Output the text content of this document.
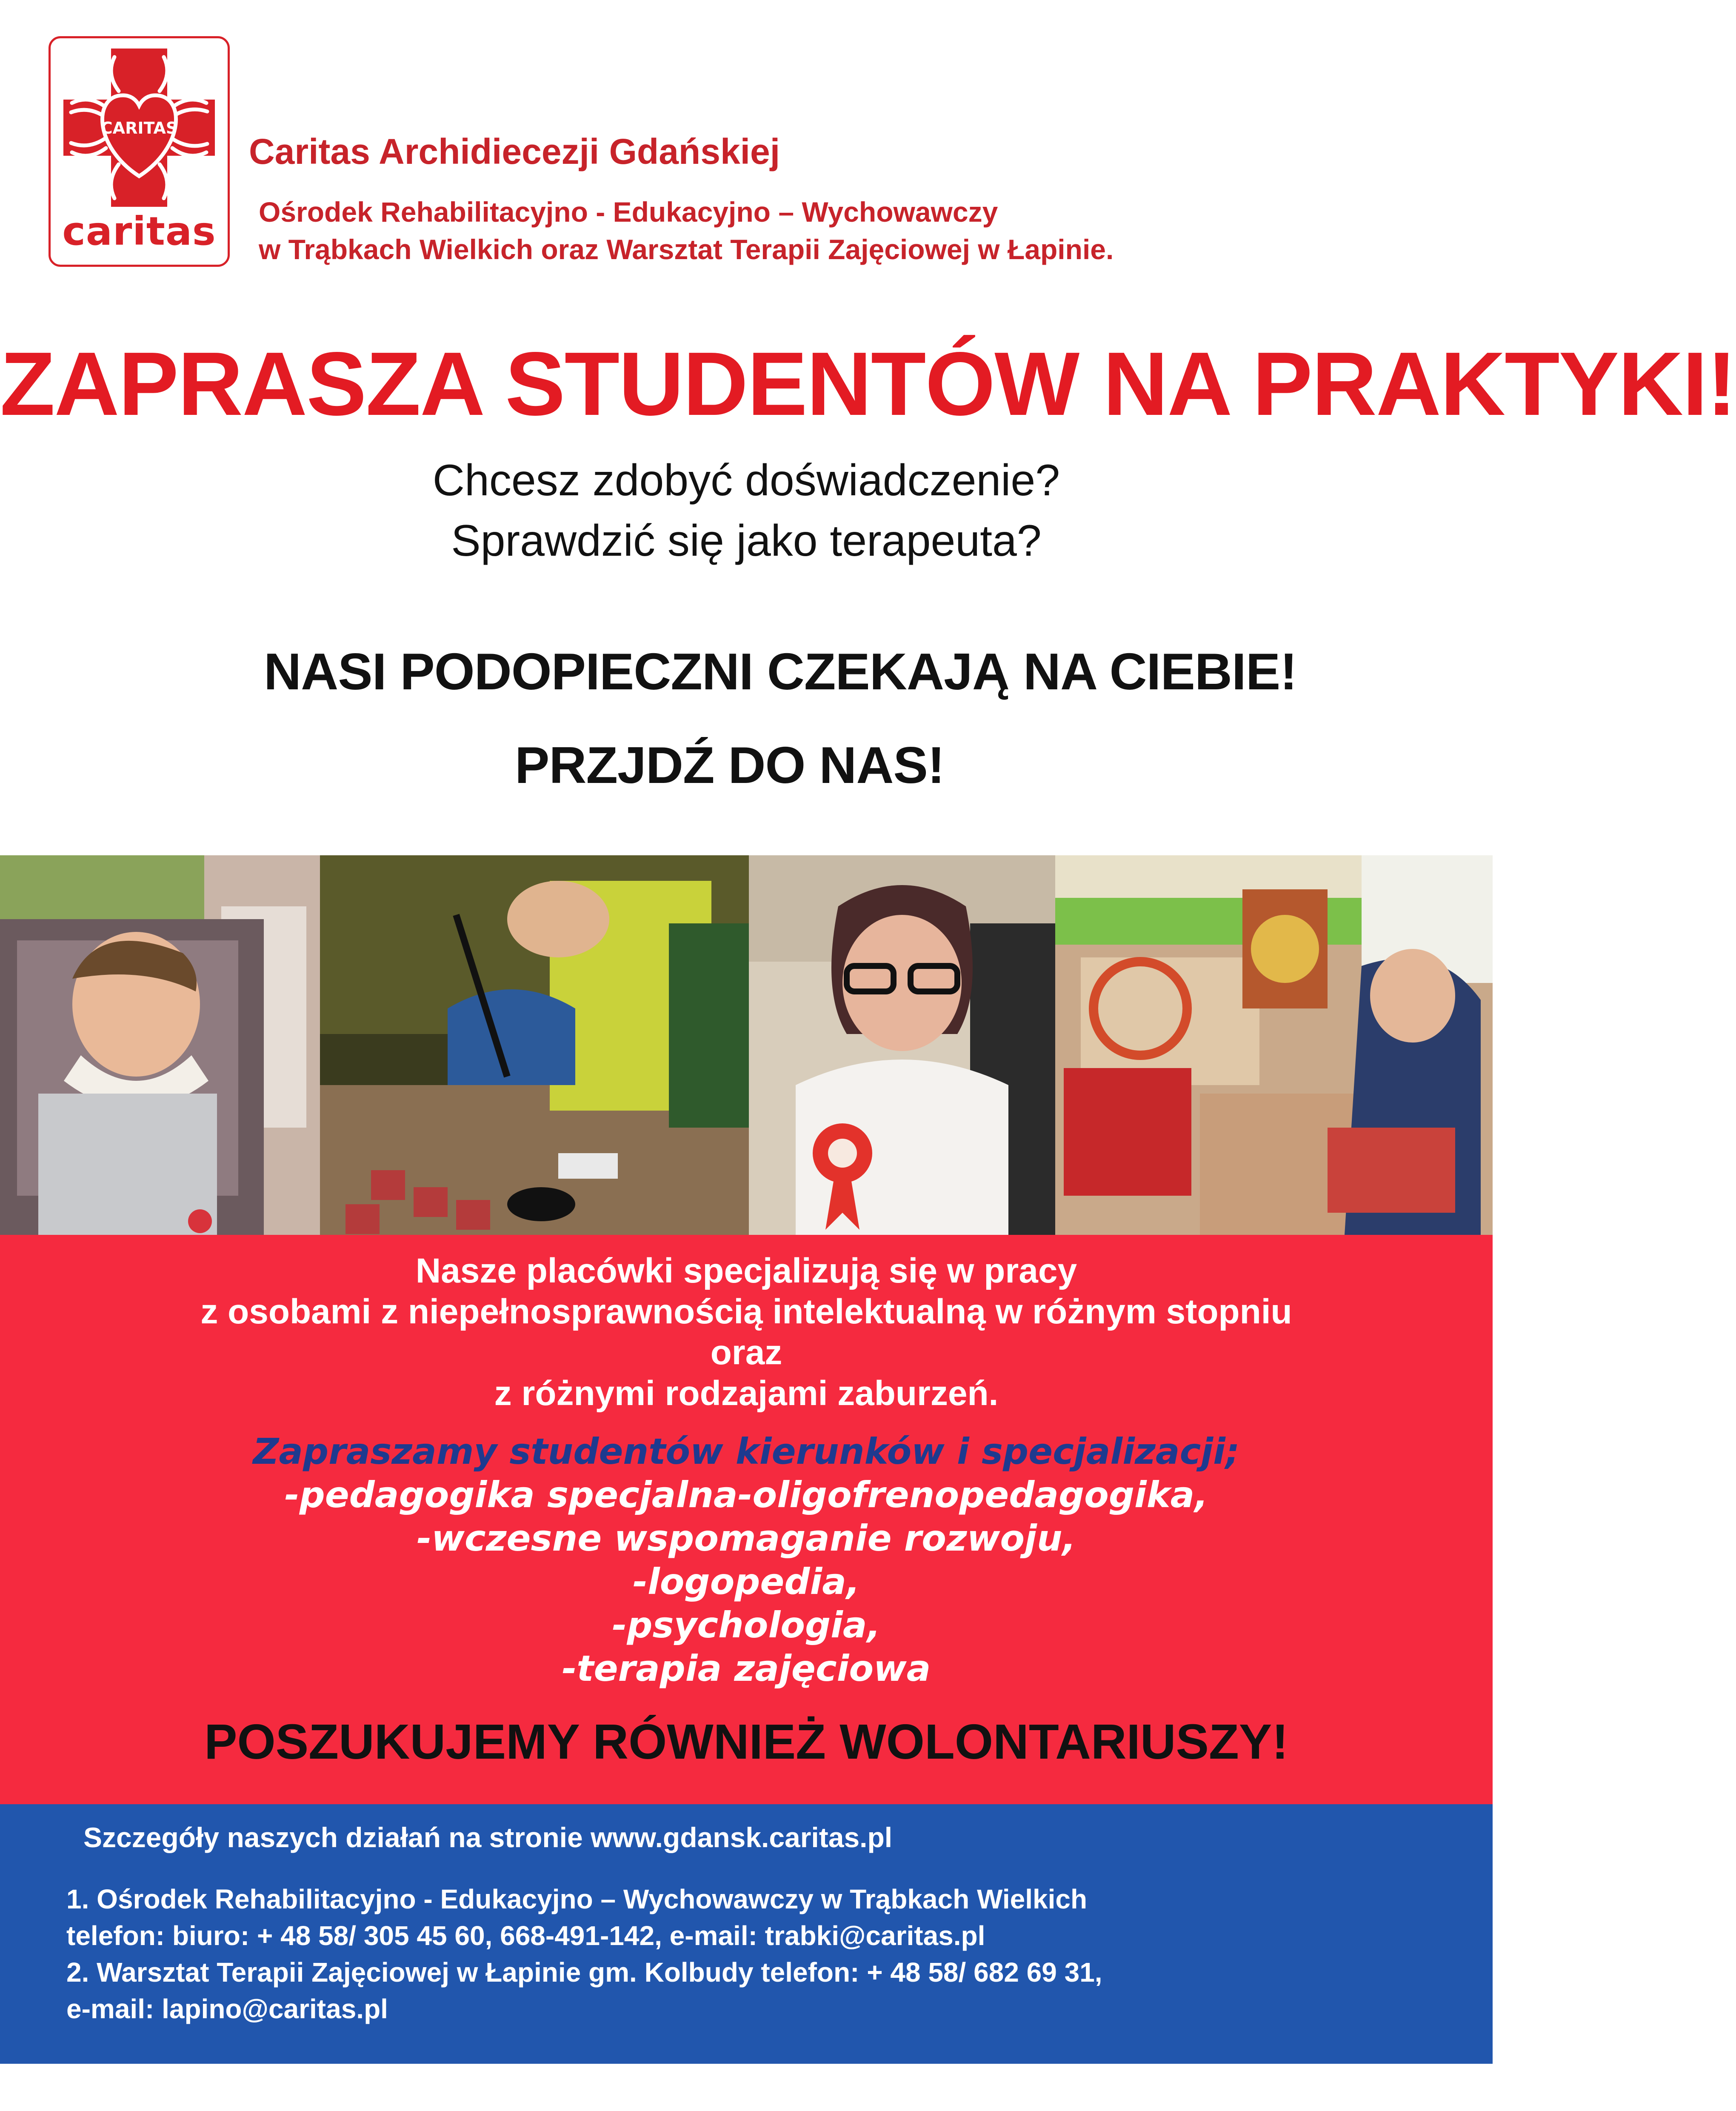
CARITAS
caritas
Caritas Archidiecezji Gdańskiej
Ośrodek Rehabilitacyjno - Edukacyjno – Wychowawczy
w Trąbkach Wielkich oraz Warsztat Terapii Zajęciowej w Łapinie.
ZAPRASZA STUDENTÓW NA PRAKTYKI!
Chcesz zdobyć doświadczenie?
Sprawdzić się jako terapeuta?
NASI PODOPIECZNI CZEKAJĄ NA CIEBIE!
PRZJDŹ DO NAS!
Nasze placówki specjalizują się w pracy
z osobami z niepełnosprawnością intelektualną w różnym stopniu
oraz
z różnymi rodzajami zaburzeń.
Zapraszamy studentów kierunków i specjalizacji;
-pedagogika specjalna-oligofrenopedagogika,
-wczesne wspomaganie rozwoju,
-logopedia,
-psychologia,
-terapia zajęciowa
POSZUKUJEMY RÓWNIEŻ WOLONTARIUSZY!
Szczegóły naszych działań na stronie www.gdansk.caritas.pl
1. Ośrodek Rehabilitacyjno - Edukacyjno – Wychowawczy w Trąbkach Wielkich
telefon: biuro: + 48 58/ 305 45 60, 668-491-142, e-mail: trabki@caritas.pl
2. Warsztat Terapii Zajęciowej w Łapinie gm. Kolbudy telefon: + 48 58/ 682 69 31,
e-mail: lapino@caritas.pl
